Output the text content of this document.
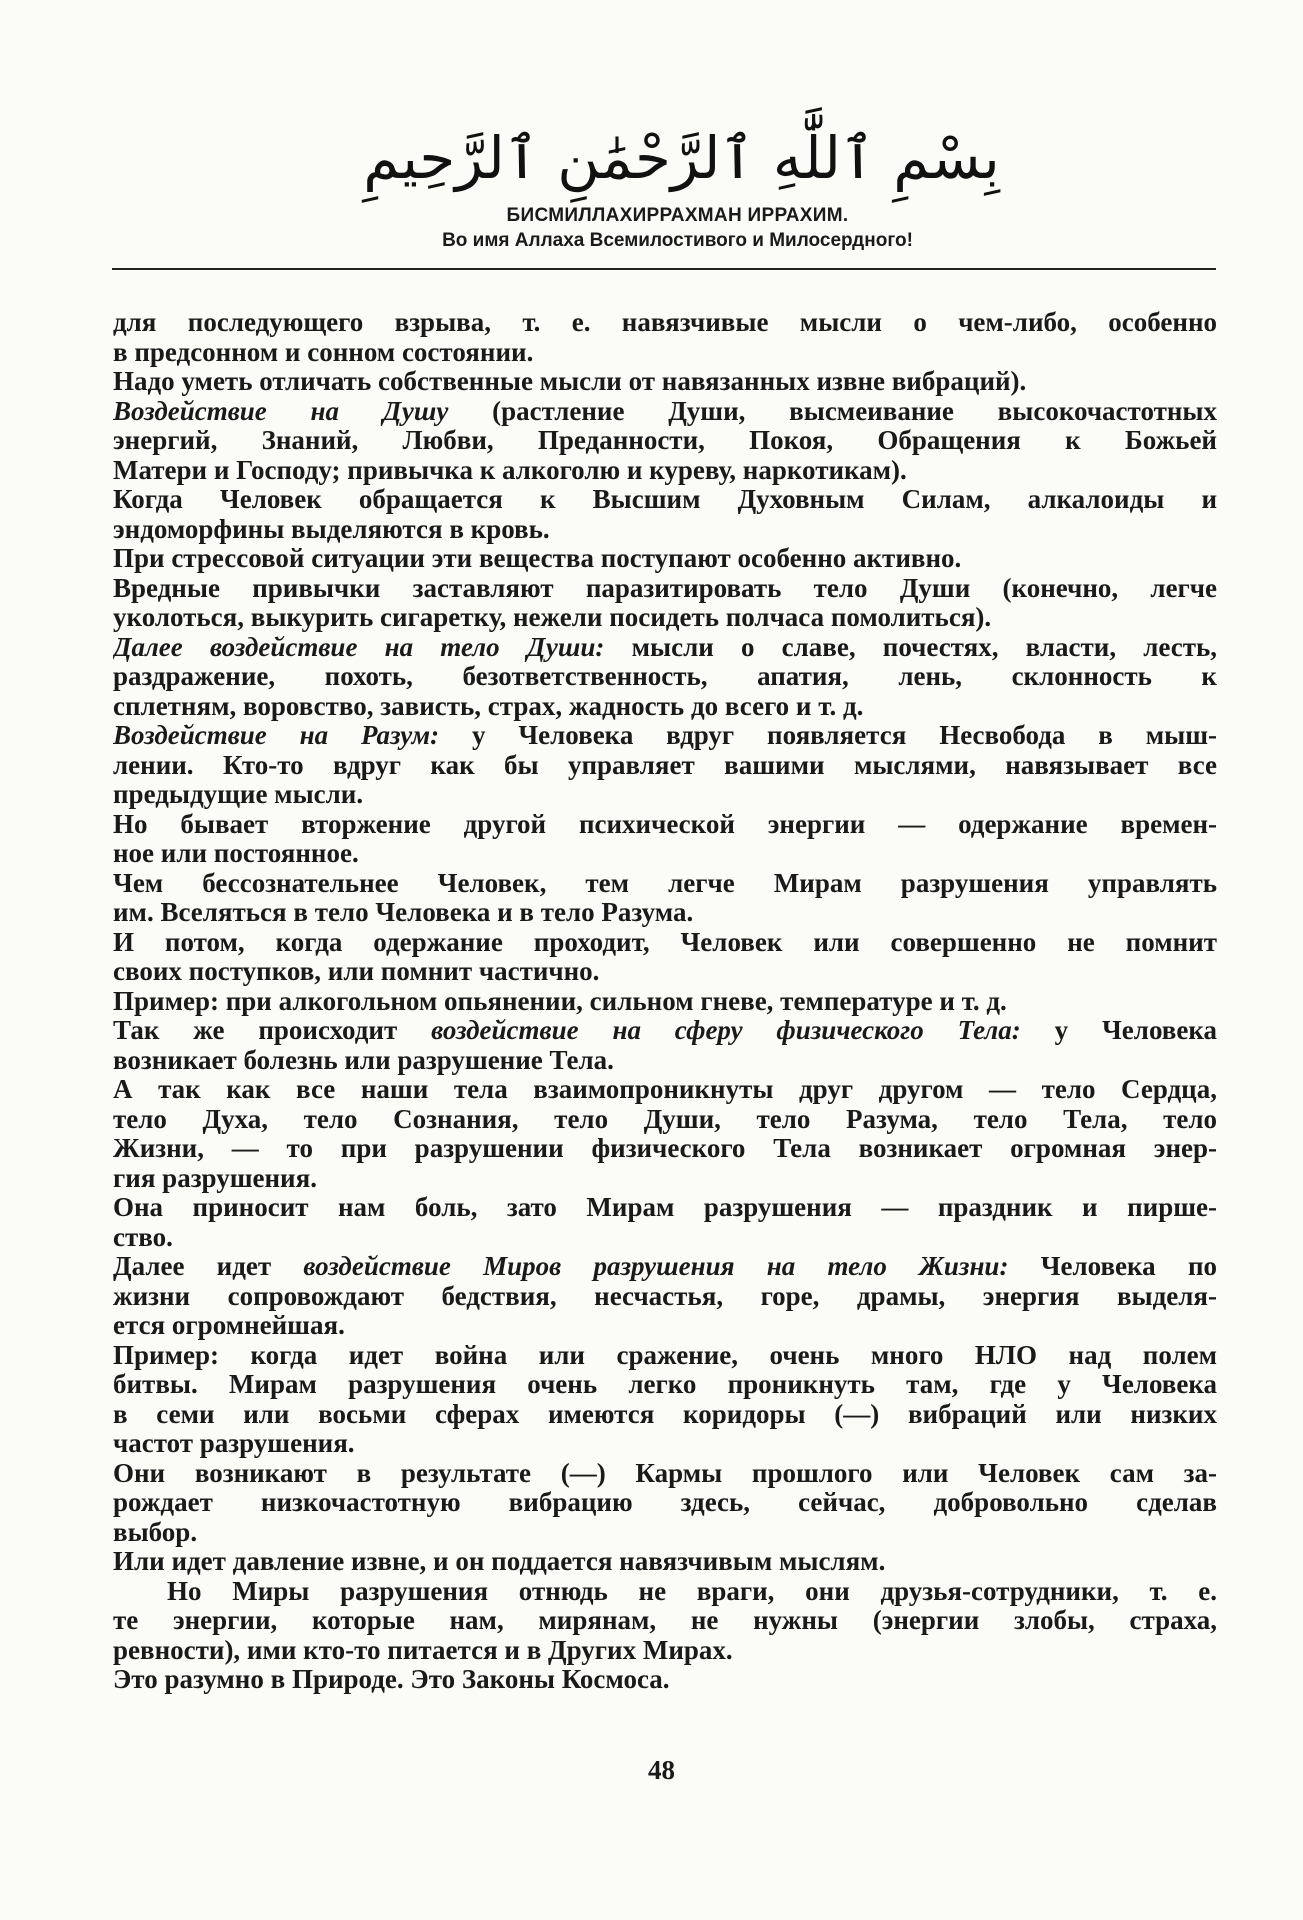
بِسْمِ ٱللَّٰهِ ٱلرَّحْمَٰنِ ٱلرَّحِيمِ
БИСМИЛЛАХИРРАХМАН ИРРАХИМ.
Во имя Аллаха Всемилостивого и Милосердного!
для последующего взрыва, т. е. навязчивые мысли о чем-либо, особенно
в предсонном и сонном состоянии.
Надо уметь отличать собственные мысли от навязанных извне вибраций).
Воздействие на Душу (растление Души, высмеивание высокочастотных
энергий, Знаний, Любви, Преданности, Покоя, Обращения к Божьей
Матери и Господу; привычка к алкоголю и куреву, наркотикам).
Когда Человек обращается к Высшим Духовным Силам, алкалоиды и
эндоморфины выделяются в кровь.
При стрессовой ситуации эти вещества поступают особенно активно.
Вредные привычки заставляют паразитировать тело Души (конечно, легче
уколоться, выкурить сигаретку, нежели посидеть полчаса помолиться).
Далее воздействие на тело Души: мысли о славе, почестях, власти, лесть,
раздражение, похоть, безответственность, апатия, лень, склонность к
сплетням, воровство, зависть, страх, жадность до всего и т. д.
Воздействие на Разум: у Человека вдруг появляется Несвобода в мыш-
лении. Кто-то вдруг как бы управляет вашими мыслями, навязывает все
предыдущие мысли.
Но бывает вторжение другой психической энергии — одержание времен-
ное или постоянное.
Чем бессознательнее Человек, тем легче Мирам разрушения управлять
им. Вселяться в тело Человека и в тело Разума.
И потом, когда одержание проходит, Человек или совершенно не помнит
своих поступков, или помнит частично.
Пример: при алкогольном опьянении, сильном гневе, температуре и т. д.
Так же происходит воздействие на сферу физического Тела: у Человека
возникает болезнь или разрушение Тела.
А так как все наши тела взаимопроникнуты друг другом — тело Сердца,
тело Духа, тело Сознания, тело Души, тело Разума, тело Тела, тело
Жизни, — то при разрушении физического Тела возникает огромная энер-
гия разрушения.
Она приносит нам боль, зато Мирам разрушения — праздник и пирше-
ство.
Далее идет воздействие Миров разрушения на тело Жизни: Человека по
жизни сопровождают бедствия, несчастья, горе, драмы, энергия выделя-
ется огромнейшая.
Пример: когда идет война или сражение, очень много НЛО над полем
битвы. Мирам разрушения очень легко проникнуть там, где у Человека
в семи или восьми сферах имеются коридоры (—) вибраций или низких
частот разрушения.
Они возникают в результате (—) Кармы прошлого или Человек сам за-
рождает низкочастотную вибрацию здесь, сейчас, добровольно сделав
выбор.
Или идет давление извне, и он поддается навязчивым мыслям.
Но Миры разрушения отнюдь не враги, они друзья-сотрудники, т. е.
те энергии, которые нам, мирянам, не нужны (энергии злобы, страха,
ревности), ими кто-то питается и в Других Мирах.
Это разумно в Природе. Это Законы Космоса.
48
